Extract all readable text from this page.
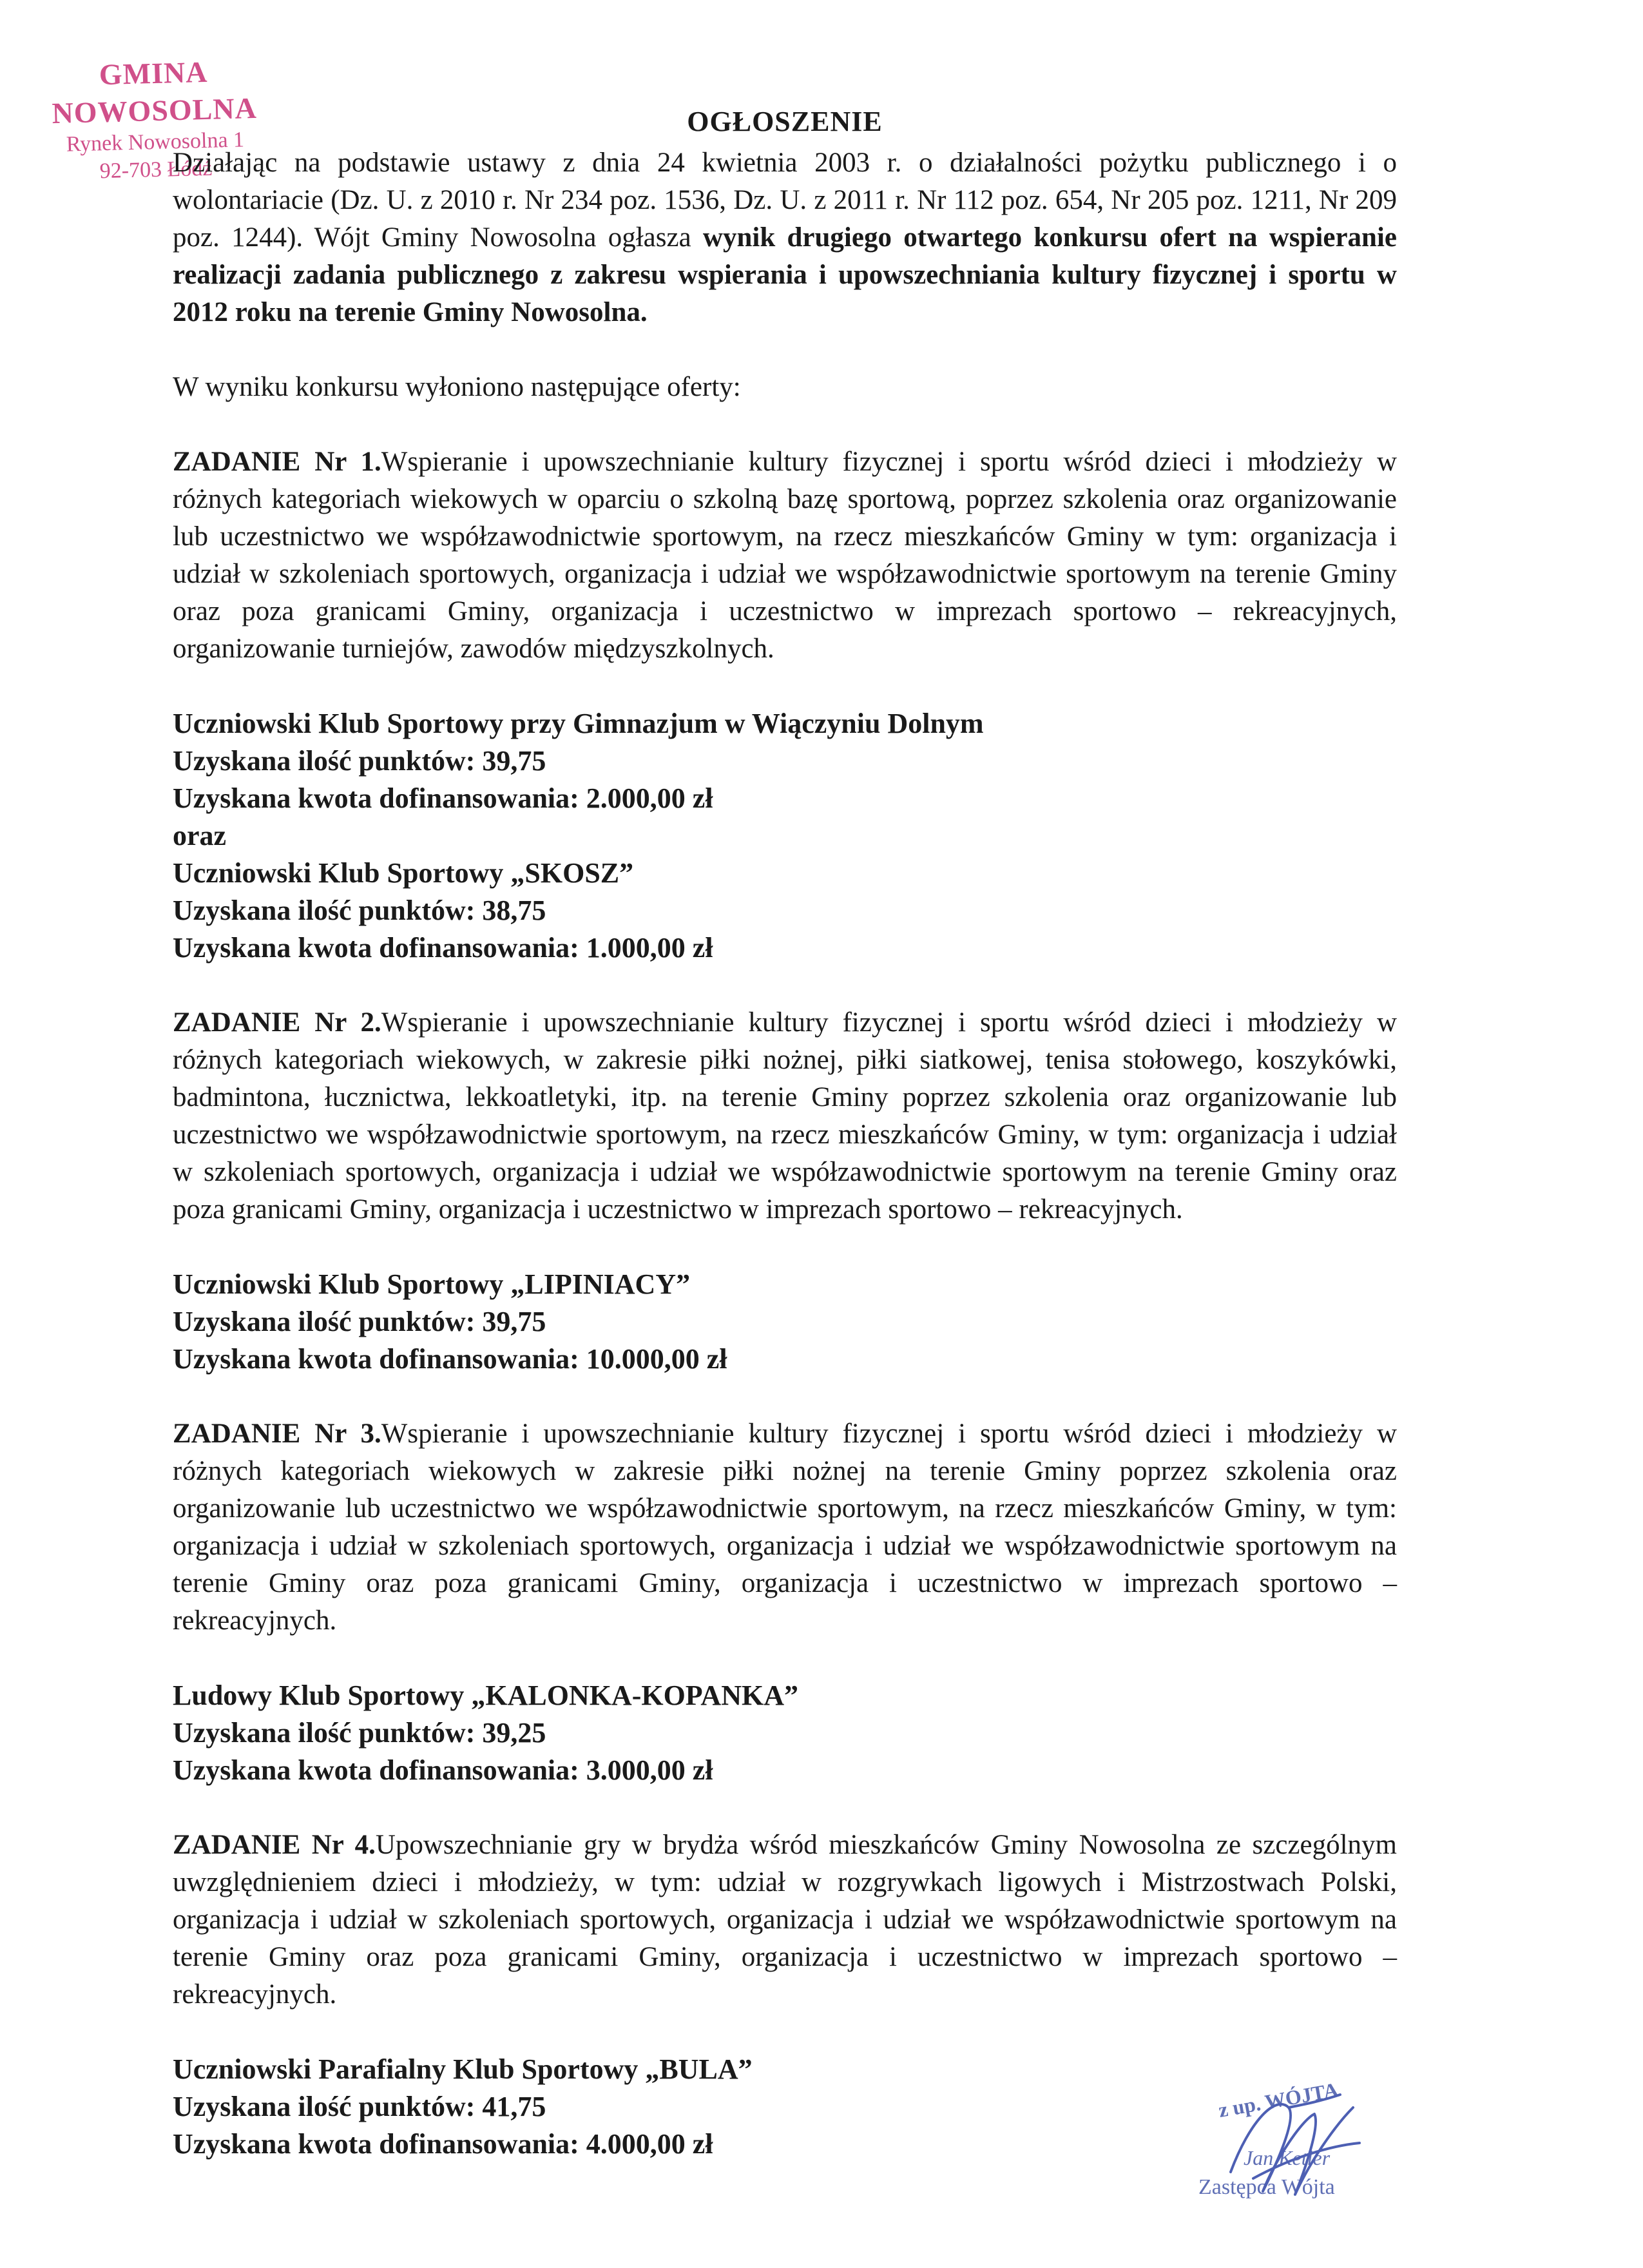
GMINA NOWOSOLNA
Rynek Nowosolna 1
92-703 Łódź
OGŁOSZENIE

Działając na podstawie ustawy z dnia 24 kwietnia 2003 r. o działalności pożytku publicznego i o wolontariacie (Dz. U. z 2010 r. Nr 234 poz. 1536, Dz. U. z 2011 r. Nr 112 poz. 654, Nr 205 poz. 1211, Nr 209 poz. 1244). Wójt Gminy Nowosolna ogłasza wynik drugiego otwartego konkursu ofert na wspieranie realizacji zadania publicznego z zakresu wspierania i upowszechniania kultury fizycznej i sportu w 2012 roku na terenie Gminy Nowosolna.

W wyniku konkursu wyłoniono następujące oferty:

ZADANIE Nr 1.Wspieranie i upowszechnianie kultury fizycznej i sportu wśród dzieci i młodzieży w różnych kategoriach wiekowych w oparciu o szkolną bazę sportową, poprzez szkolenia oraz organizowanie lub uczestnictwo we współzawodnictwie sportowym, na rzecz mieszkańców Gminy w tym: organizacja i udział w szkoleniach sportowych, organizacja i udział we współzawodnictwie sportowym na terenie Gminy oraz poza granicami Gminy, organizacja i uczestnictwo w imprezach sportowo – rekreacyjnych, organizowanie turniejów, zawodów międzyszkolnych.

Uczniowski Klub Sportowy przy Gimnazjum w Wiączyniu Dolnym

Uzyskana ilość punktów: 39,75

Uzyskana kwota dofinansowania: 2.000,00 zł

oraz

Uczniowski Klub Sportowy „SKOSZ”

Uzyskana ilość punktów: 38,75

Uzyskana kwota dofinansowania: 1.000,00 zł

ZADANIE Nr 2.Wspieranie i upowszechnianie kultury fizycznej i sportu wśród dzieci i młodzieży w różnych kategoriach wiekowych, w zakresie piłki nożnej, piłki siatkowej, tenisa stołowego, koszykówki, badmintona, łucznictwa, lekkoatletyki, itp. na terenie Gminy poprzez szkolenia oraz organizowanie lub uczestnictwo we współzawodnictwie sportowym, na rzecz mieszkańców Gminy, w tym: organizacja i udział w szkoleniach sportowych, organizacja i udział we współzawodnictwie sportowym na terenie Gminy oraz poza granicami Gminy, organizacja i uczestnictwo w imprezach sportowo – rekreacyjnych.

Uczniowski Klub Sportowy „LIPINIACY”

Uzyskana ilość punktów: 39,75

Uzyskana kwota dofinansowania: 10.000,00 zł

ZADANIE Nr 3.Wspieranie i upowszechnianie kultury fizycznej i sportu wśród dzieci i młodzieży w różnych kategoriach wiekowych w zakresie piłki nożnej na terenie Gminy poprzez szkolenia oraz organizowanie lub uczestnictwo we współzawodnictwie sportowym, na rzecz mieszkańców Gminy, w tym: organizacja i udział w szkoleniach sportowych, organizacja i udział we współzawodnictwie sportowym na terenie Gminy oraz poza granicami Gminy, organizacja i uczestnictwo w imprezach sportowo – rekreacyjnych.

Ludowy Klub Sportowy „KALONKA-KOPANKA”

Uzyskana ilość punktów: 39,25

Uzyskana kwota dofinansowania: 3.000,00 zł

ZADANIE Nr 4.Upowszechnianie gry w brydża wśród mieszkańców Gminy Nowosolna ze szczególnym uwzględnieniem dzieci i młodzieży, w tym: udział w rozgrywkach ligowych i Mistrzostwach Polski, organizacja i udział w szkoleniach sportowych, organizacja i udział we współzawodnictwie sportowym na terenie Gminy oraz poza granicami Gminy, organizacja i uczestnictwo w imprezach sportowo – rekreacyjnych.

Uczniowski Parafialny Klub Sportowy „BULA”

Uzyskana ilość punktów: 41,75

Uzyskana kwota dofinansowania: 4.000,00 zł

z up. WÓJTA
Jan Ketler
Zastępca Wójta
